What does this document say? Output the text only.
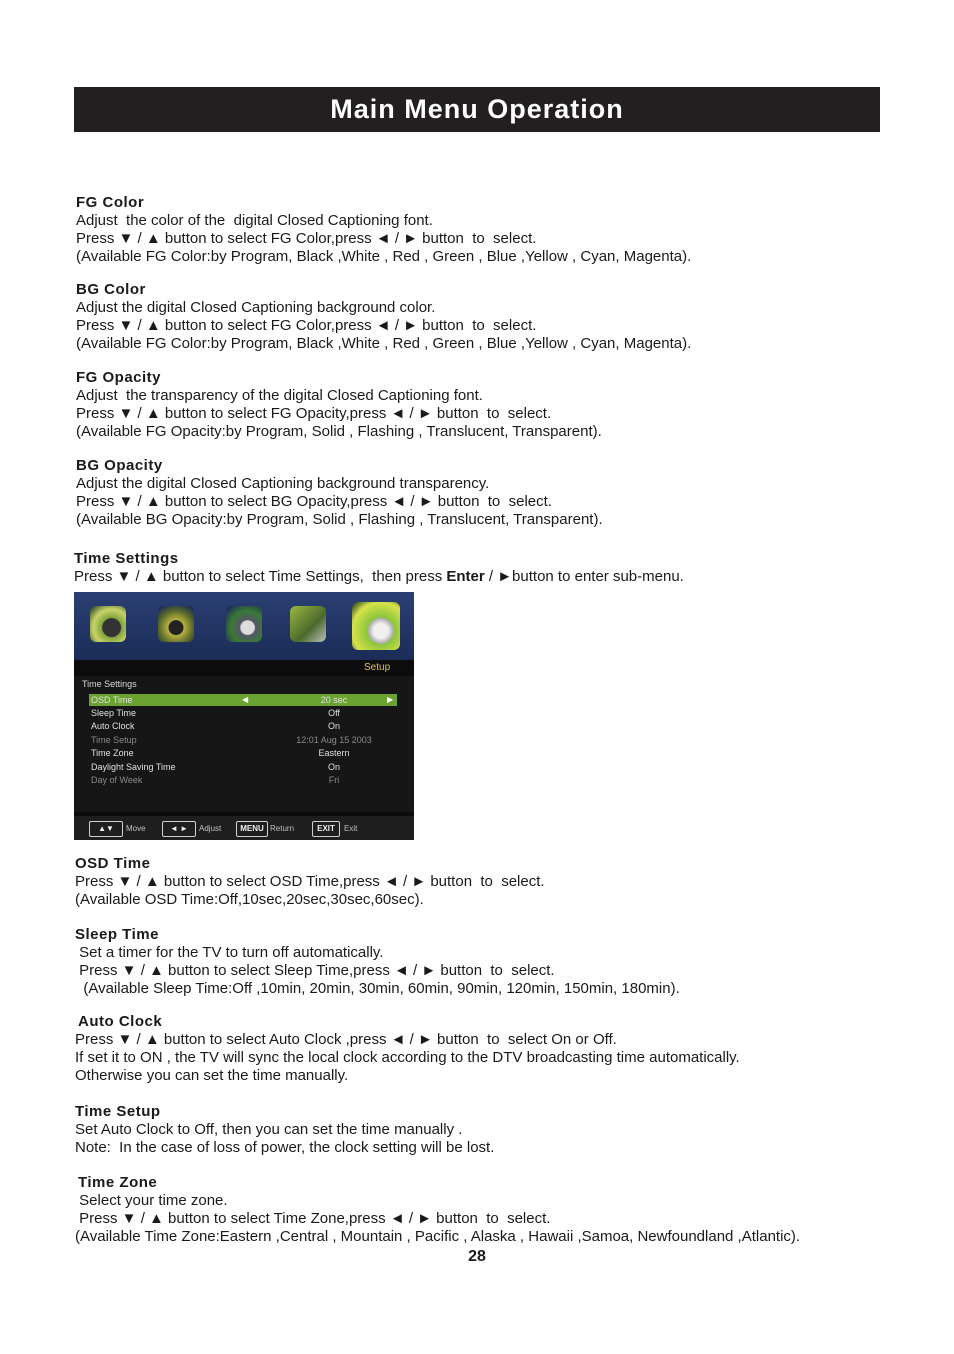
Main Menu Operation
FG Color
Adjust  the color of the  digital Closed Captioning font.
Press ▼ / ▲ button to select FG Color,press ◄ / ► button  to  select.
(Available FG Color:by Program, Black ,White , Red , Green , Blue ,Yellow , Cyan, Magenta).
BG Color
Adjust the digital Closed Captioning background color.
Press ▼ / ▲ button to select FG Color,press ◄ / ► button  to  select.
(Available FG Color:by Program, Black ,White , Red , Green , Blue ,Yellow , Cyan, Magenta).
FG Opacity
Adjust  the transparency of the digital Closed Captioning font.
Press ▼ / ▲ button to select FG Opacity,press ◄ / ► button  to  select.
(Available FG Opacity:by Program, Solid , Flashing , Translucent, Transparent).
BG Opacity
Adjust the digital Closed Captioning background transparency.
Press ▼ / ▲ button to select BG Opacity,press ◄ / ► button  to  select.
(Available BG Opacity:by Program, Solid , Flashing , Translucent, Transparent).
Time Settings
Press ▼ / ▲ button to select Time Settings,  then press Enter / ►button to enter sub-menu.
Setup
Time Settings
OSD Time	◀	20 sec	▶
Sleep Time	Off
Auto Clock	On
Time Setup	12:01 Aug 15 2003
Time Zone	Eastern
Daylight Saving Time	On
Day of Week	Fri
▲▼	Move	◄ ►	Adjust	MENU Return	EXIT	Exit
OSD Time
Press ▼ / ▲ button to select OSD Time,press ◄ / ► button  to  select.
(Available OSD Time:Off,10sec,20sec,30sec,60sec).
Sleep Time
Set a timer for the TV to turn off automatically.
Press ▼ / ▲ button to select Sleep Time,press ◄ / ► button  to  select.
(Available Sleep Time:Off ,10min, 20min, 30min, 60min, 90min, 120min, 150min, 180min).
Auto Clock
Press ▼ / ▲ button to select Auto Clock ,press ◄ / ► button  to  select On or Off.
If set it to ON , the TV will sync the local clock according to the DTV broadcasting time automatically.
Otherwise you can set the time manually.
Time Setup
Set Auto Clock to Off, then you can set the time manually .
Note:  In the case of loss of power, the clock setting will be lost.
Time Zone
Select your time zone.
Press ▼ / ▲ button to select Time Zone,press ◄ / ► button  to  select.
(Available Time Zone:Eastern ,Central , Mountain , Pacific , Alaska , Hawaii ,Samoa, Newfoundland ,Atlantic).
28
